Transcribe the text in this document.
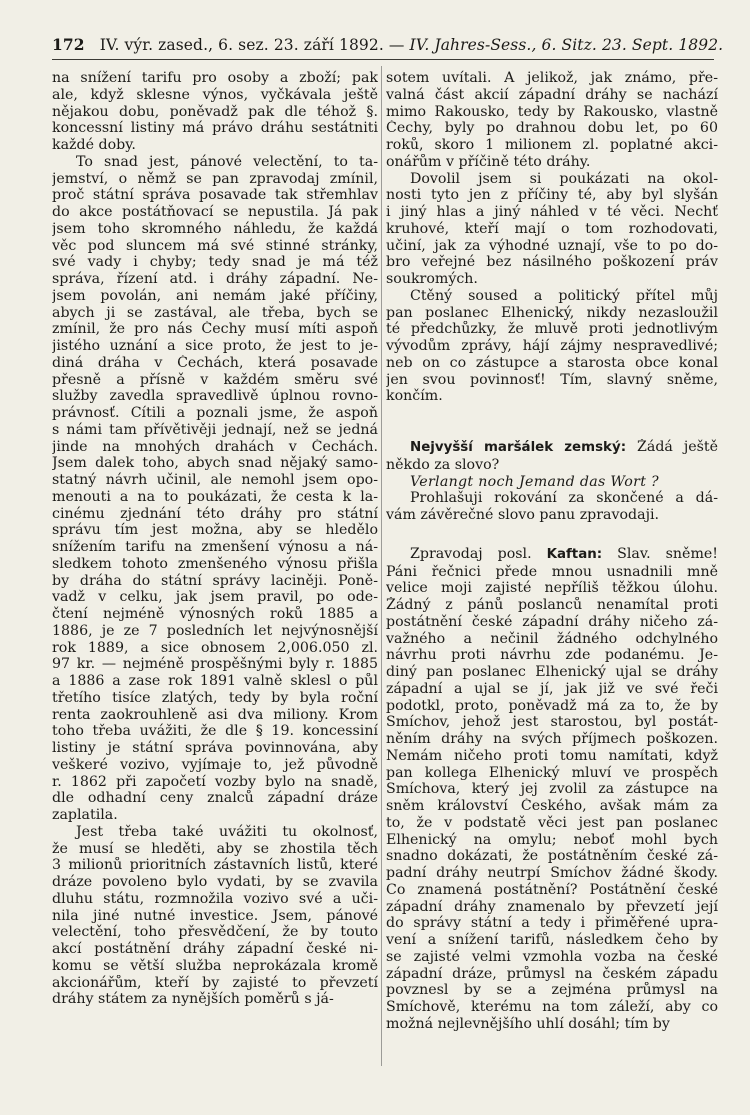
172 IV. výr. zased., 6. sez. 23. září 1892. — IV. Jahres-Sess., 6. Sitz. 23. Sept. 1892.
na snížení tarifu pro osoby a zboží; pak
ale, když sklesne výnos, vyčkávala ještě
nějakou dobu, poněvadž pak dle téhož §.
koncessní listiny má právo dráhu sestátniti
každé doby.
To snad jest, pánové velectění, to ta-
jemství, o němž se pan zpravodaj zmínil,
proč státní správa posavade tak střemhlav
do akce postátňovací se nepustila. Já pak
jsem toho skromného náhledu, že každá
věc pod sluncem má své stinné stránky,
své vady i chyby; tedy snad je má též
správa, řízení atd. i dráhy západní. Ne-
jsem povolán, ani nemám jaké příčiny,
abych ji se zastával, ale třeba, bych se
zmínil, že pro nás Čechy musí míti aspoň
jistého uznání a sice proto, že jest to je-
diná dráha v Čechách, která posavade
přesně a přísně v každém směru své
služby zavedla spravedlivě úplnou rovno-
právnosť. Cítili a poznali jsme, že aspoň
s námi tam přívětivěji jednají, než se jedná
jinde na mnohých drahách v Čechách.
Jsem dalek toho, abych snad nějaký samo-
statný návrh učinil, ale nemohl jsem opo-
menouti a na to poukázati, že cesta k la-
cinému zjednání této dráhy pro státní
správu tím jest možna, aby se hledělo
snížením tarifu na zmenšení výnosu a ná-
sledkem tohoto zmenšeného výnosu přišla
by dráha do státní správy laciněji. Poně-
vadž v celku, jak jsem pravil, po ode-
čtení nejméně výnosných roků 1885 a
1886, je ze 7 posledních let nejvýnosnější
rok 1889, a sice obnosem 2,006.050 zl.
97 kr. — nejméně prospěšnými byly r. 1885
a 1886 a zase rok 1891 valně sklesl o půl
třetího tisíce zlatých, tedy by byla roční
renta zaokrouhleně asi dva miliony. Krom
toho třeba uvážiti, že dle § 19. koncessiní
listiny je státní správa povinnována, aby
veškeré vozivo, vyjímaje to, jež původně
r. 1862 při započetí vozby bylo na snadě,
dle odhadní ceny znalců západní dráze
zaplatila.
Jest třeba také uvážiti tu okolnosť,
že musí se hleděti, aby se zhostila těch
3 milionů prioritních zástavních listů, které
dráze povoleno bylo vydati, by se zvavila
dluhu státu, rozmnožila vozivo své a uči-
nila jiné nutné investice. Jsem, pánové
velectění, toho přesvědčení, že by touto
akcí postátnění dráhy západní české ni-
komu se větší služba neprokázala kromě
akcionářům, kteří by zajisté to převzetí
dráhy státem za nynějších poměrů s já-
sotem uvítali. A jelikož, jak známo, pře-
valná část akcií západní dráhy se nachází
mimo Rakousko, tedy by Rakousko, vlastně
Čechy, byly po drahnou dobu let, po 60
roků, skoro 1 milionem zl. poplatné akci-
onářům v příčině této dráhy.
Dovolil jsem si poukázati na okol-
nosti tyto jen z příčiny té, aby byl slyšán
i jiný hlas a jiný náhled v té věci. Nechť
kruhové, kteří mají o tom rozhodovati,
učiní, jak za výhodné uznají, vše to po do-
bro veřejné bez násilného poškození práv
soukromých.
Ctěný soused a politický přítel můj
pan poslanec Elhenický, nikdy nezasloužil
té předchůzky, že mluvě proti jednotlivým
vývodům zprávy, hájí zájmy nespravedlivé;
neb on co zástupce a starosta obce konal
jen svou povinnosť! Tím, slavný sněme,
končím.
Nejvyšší maršálek zemský: Žádá ještě
někdo za slovo?
Verlangt noch Jemand das Wort ?
Prohlašuji rokování za skončené a dá-
vám závěrečné slovo panu zpravodaji.
Zpravodaj posl. Kaftan: Slav. sněme!
Páni řečnici přede mnou usnadnili mně
velice moji zajisté nepříliš těžkou úlohu.
Žádný z pánů poslanců nenamítal proti
postátnění české západní dráhy ničeho zá-
važného a nečinil žádného odchylného
návrhu proti návrhu zde podanému. Je-
diný pan poslanec Elhenický ujal se dráhy
západní a ujal se jí, jak již ve své řeči
podotkl, proto, poněvadž má za to, že by
Smíchov, jehož jest starostou, byl postát-
něním dráhy na svých příjmech poškozen.
Nemám ničeho proti tomu namítati, když
pan kollega Elhenický mluví ve prospěch
Smíchova, který jej zvolil za zástupce na
sněm království Českého, avšak mám za
to, že v podstatě věci jest pan poslanec
Elhenický na omylu; neboť mohl bych
snadno dokázati, že postátněním české zá-
padní dráhy neutrpí Smíchov žádné škody.
Co znamená postátnění? Postátnění české
západní dráhy znamenalo by převzetí její
do správy státní a tedy i přiměřené upra-
vení a snížení tarifů, následkem čeho by
se zajisté velmi vzmohla vozba na české
západní dráze, průmysl na českém západu
povznesl by se a zejména průmysl na
Smíchově, kterému na tom záleží, aby co
možná nejlevnějšího uhlí dosáhl; tím by
